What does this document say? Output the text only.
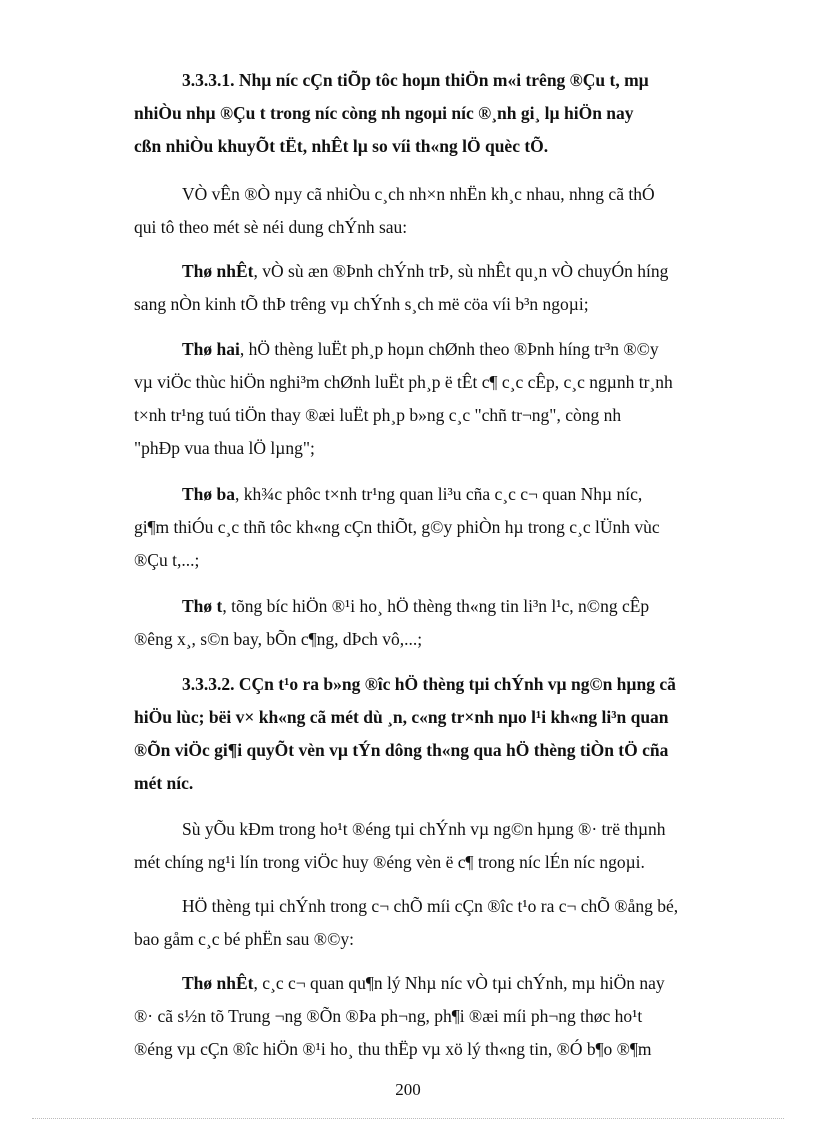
3.3.3.1. Nhµ níc cÇn tiÕp tôc hoµn thiÖn m«i trêng ®Çu t, mµ
nhiÒu nhµ ®Çu t trong níc còng nh ngoµi níc ®¸nh gi¸ lµ hiÖn nay
cßn nhiÒu khuyÕt tËt, nhÊt lµ so víi th«ng lÖ quèc tÕ.
VÒ vÊn ®Ò nµy cã nhiÒu c¸ch nh×n nhËn kh¸c nhau, nhng cã thÓ
qui tô theo mét sè néi dung chÝnh sau:
Thø nhÊt, vÒ sù æn ®Þnh chÝnh trÞ, sù nhÊt qu¸n vÒ chuyÓn híng
sang nÒn kinh tÕ thÞ trêng vµ chÝnh s¸ch më cöa víi b³n ngoµi;
Thø hai, hÖ thèng luËt ph¸p hoµn chØnh theo ®Þnh híng tr³n ®©y
vµ viÖc thùc hiÖn nghi³m chØnh luËt ph¸p ë tÊt c¶ c¸c cÊp, c¸c ngµnh tr¸nh
t×nh tr¹ng tuú tiÖn thay ®æi luËt ph¸p b»ng c¸c "chñ tr¬ng", còng nh
"phÐp vua thua lÖ lµng";
Thø ba, kh¾c phôc t×nh tr¹ng quan li³u cña c¸c c¬ quan Nhµ níc,
gi¶m thiÓu c¸c thñ tôc kh«ng cÇn thiÕt, g©y phiÒn hµ trong c¸c lÜnh vùc
®Çu t,...;
Thø t, tõng bíc hiÖn ®¹i ho¸ hÖ thèng th«ng tin li³n l¹c, n©ng cÊp
®êng x¸, s©n bay, bÕn c¶ng, dÞch vô,...;
3.3.3.2. CÇn t¹o ra b»ng ®îc hÖ thèng tµi chÝnh vµ ng©n hµng cã
hiÖu lùc; bëi v× kh«ng cã mét dù ¸n, c«ng tr×nh nµo l¹i kh«ng li³n quan
®Õn viÖc gi¶i quyÕt vèn vµ tÝn dông th«ng qua hÖ thèng tiÒn tÖ cña
mét níc.
Sù yÕu kÐm trong ho¹t ®éng tµi chÝnh vµ ng©n hµng ®· trë thµnh
mét chíng ng¹i lín trong viÖc huy ®éng vèn ë c¶ trong níc lÉn níc ngoµi.
HÖ thèng tµi chÝnh trong c¬ chÕ míi cÇn ®îc t¹o ra c¬ chÕ ®ång bé,
bao gåm c¸c bé phËn sau ®©y:
Thø nhÊt, c¸c c¬ quan qu¶n lý Nhµ níc vÒ tµi chÝnh, mµ hiÖn nay
®· cã s½n tõ Trung ¬ng ®Õn ®Þa ph¬ng, ph¶i ®æi míi ph¬ng thøc ho¹t
®éng vµ cÇn ®îc hiÖn ®¹i ho¸ thu thËp vµ xö lý th«ng tin, ®Ó b¶o ®¶m
200
